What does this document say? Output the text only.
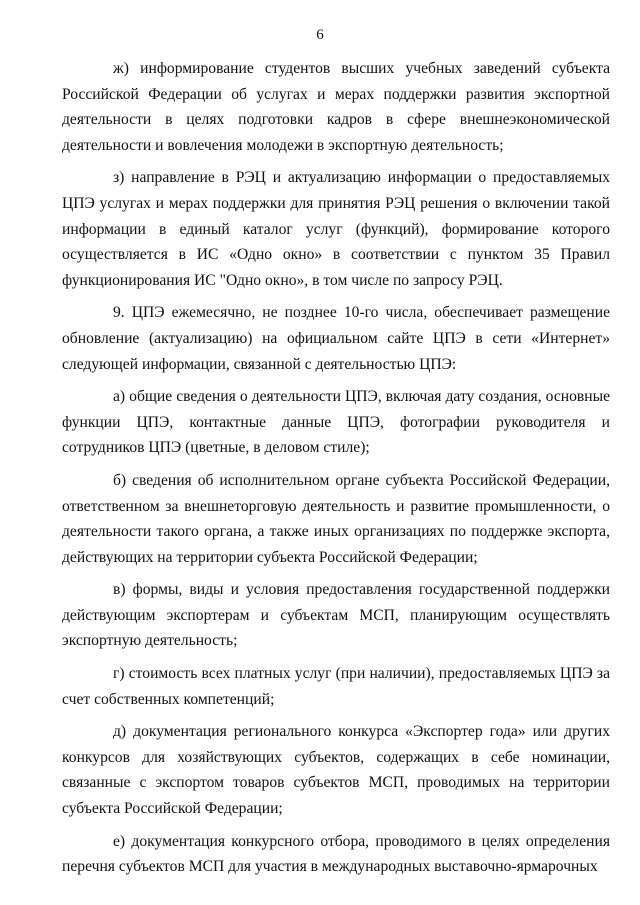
6

ж) информирование студентов высших учебных заведений субъекта Российской Федерации об услугах и мерах поддержки развития экспортной деятельности в целях подготовки кадров в сфере внешнеэкономической деятельности и вовлечения молодежи в экспортную деятельность;

з) направление в РЭЦ и актуализацию информации о предоставляемых ЦПЭ услугах и мерах поддержки для принятия РЭЦ решения о включении такой информации в единый каталог услуг (функций), формирование которого осуществляется в ИС «Одно окно» в соответствии с пунктом 35 Правил функционирования ИС "Одно окно», в том числе по запросу РЭЦ.

9. ЦПЭ ежемесячно, не позднее 10-го числа, обеспечивает размещение обновление (актуализацию) на официальном сайте ЦПЭ в сети «Интернет» следующей информации, связанной с деятельностью ЦПЭ:

а) общие сведения о деятельности ЦПЭ, включая дату создания, основные функции ЦПЭ, контактные данные ЦПЭ, фотографии руководителя и сотрудников ЦПЭ (цветные, в деловом стиле);

б) сведения об исполнительном органе субъекта Российской Федерации, ответственном за внешнеторговую деятельность и развитие промышленности, о деятельности такого органа, а также иных организациях по поддержке экспорта, действующих на территории субъекта Российской Федерации;

в) формы, виды и условия предоставления государственной поддержки действующим экспортерам и субъектам МСП, планирующим осуществлять экспортную деятельность;

г) стоимость всех платных услуг (при наличии), предоставляемых ЦПЭ за счет собственных компетенций;

д) документация регионального конкурса «Экспортер года» или других конкурсов для хозяйствующих субъектов, содержащих в себе номинации, связанные с экспортом товаров субъектов МСП, проводимых на территории субъекта Российской Федерации;

е) документация конкурсного отбора, проводимого в целях определения перечня субъектов МСП для участия в международных выставочно-ярмарочных
